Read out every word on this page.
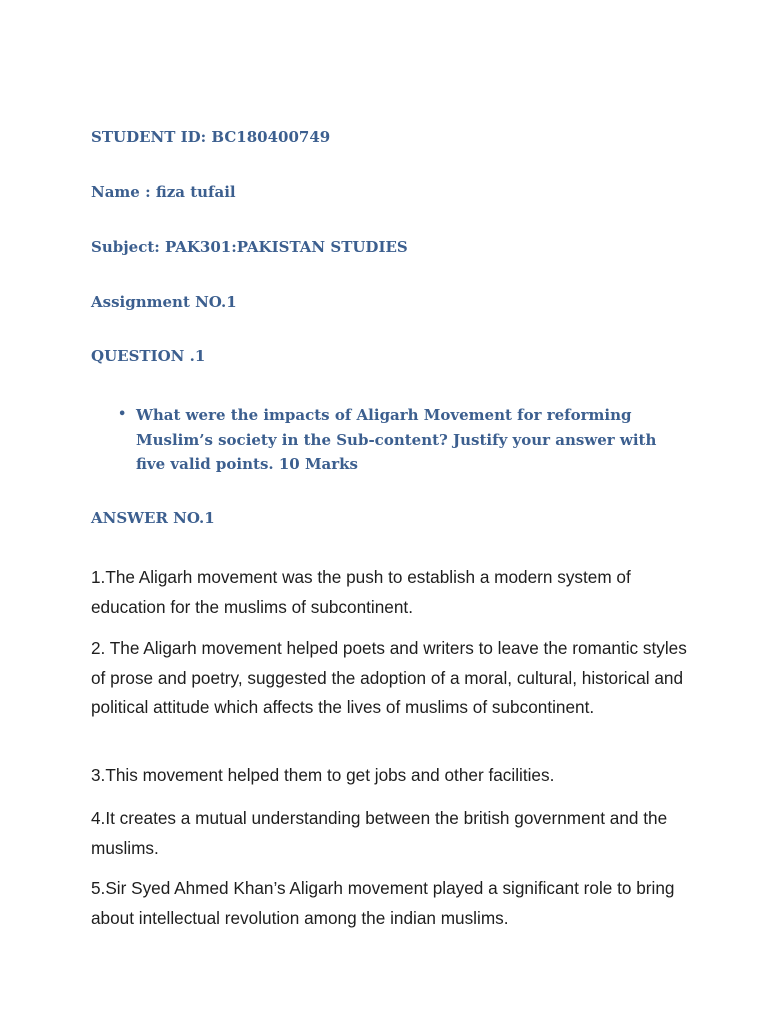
STUDENT ID: BC180400749

Name : fiza tufail

Subject: PAK301:PAKISTAN STUDIES

Assignment NO.1

QUESTION .1

• What were the impacts of Aligarh Movement for reforming Muslim’s society in the Sub-content? Justify your answer with five valid points. 10 Marks

ANSWER NO.1

1.The Aligarh movement was the push to establish a modern system of education for the muslims of subcontinent.

2. The Aligarh movement helped poets and writers to leave the romantic styles of prose and poetry, suggested the adoption of a moral, cultural, historical and political attitude which affects the lives of muslims of subcontinent.

3.This movement helped them to get jobs and other facilities.

4.It creates a mutual understanding between the british government and the muslims.

5.Sir Syed Ahmed Khan’s Aligarh movement played a significant role to bring about intellectual revolution among the indian muslims.
